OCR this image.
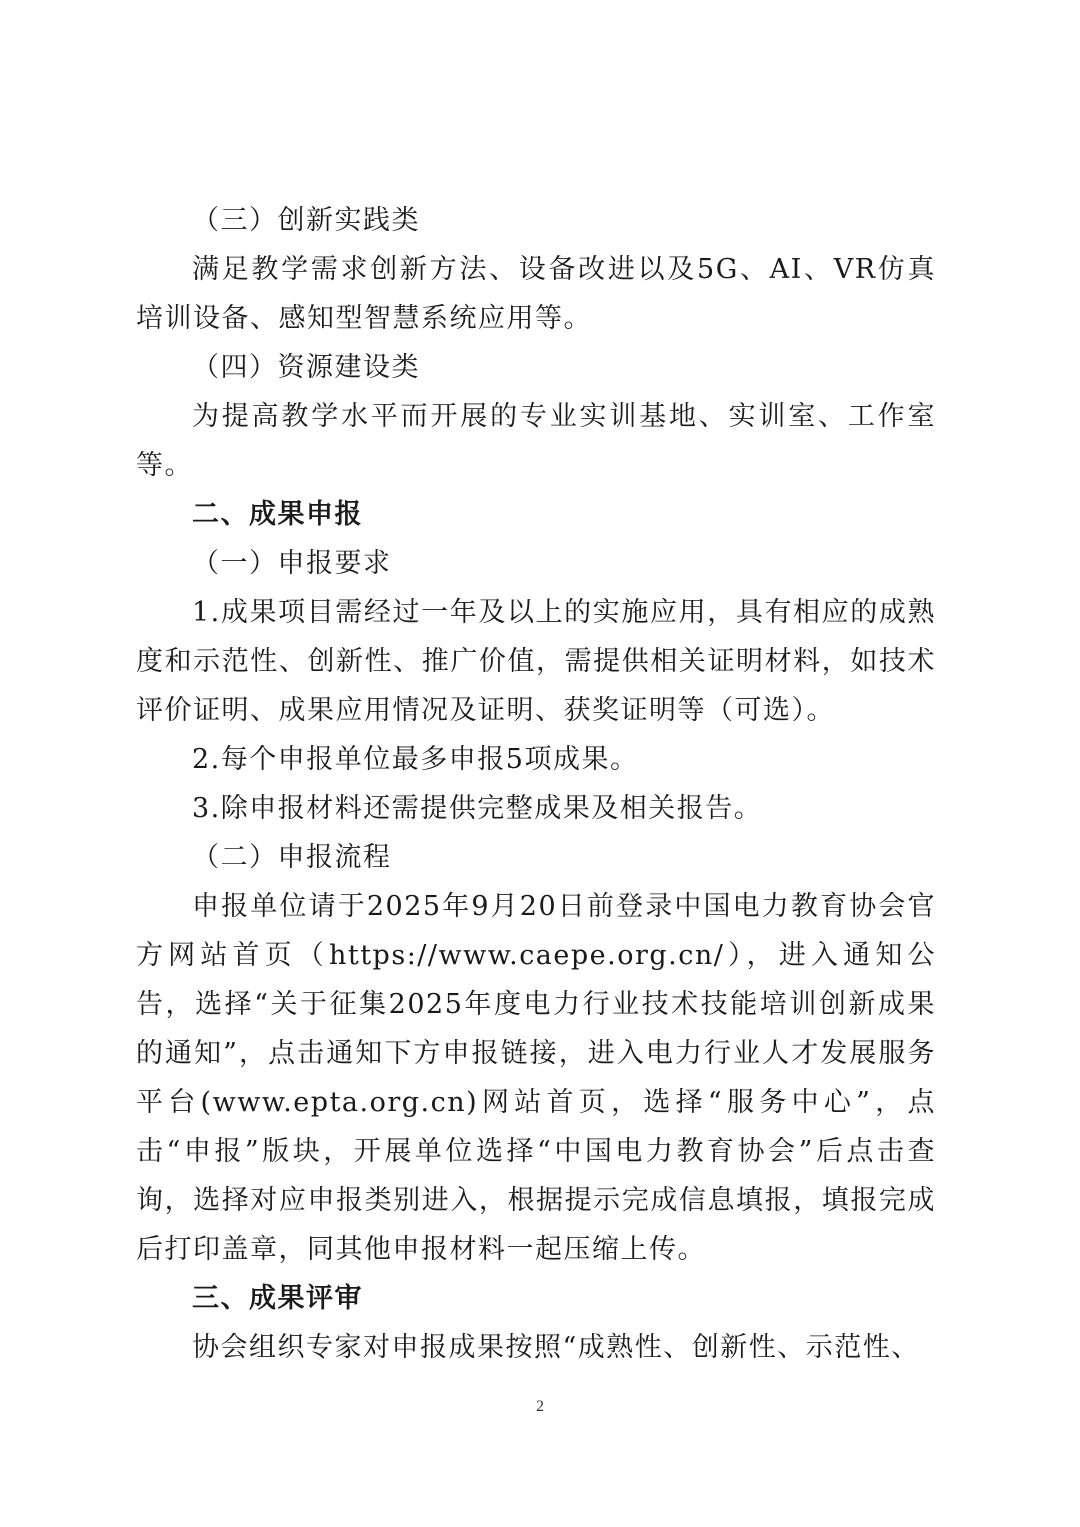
（三）创新实践类

满足教学需求创新方法、设备改进以及5G、AI、VR仿真培训设备、感知型智慧系统应用等。

（四）资源建设类

为提高教学水平而开展的专业实训基地、实训室、工作室等。

二、成果申报

（一）申报要求

1.成果项目需经过一年及以上的实施应用，具有相应的成熟度和示范性、创新性、推广价值，需提供相关证明材料，如技术评价证明、成果应用情况及证明、获奖证明等（可选）。

2.每个申报单位最多申报5项成果。

3.除申报材料还需提供完整成果及相关报告。

（二）申报流程

申报单位请于2025年9月20日前登录中国电力教育协会官方网站首页（https://www.caepe.org.cn/），进入通知公告，选择“关于征集2025年度电力行业技术技能培训创新成果的通知”，点击通知下方申报链接，进入电力行业人才发展服务平台(www.epta.org.cn)网站首页，选择“服务中心”，点击“申报”版块，开展单位选择“中国电力教育协会”后点击查询，选择对应申报类别进入，根据提示完成信息填报，填报完成后打印盖章，同其他申报材料一起压缩上传。

三、成果评审

协会组织专家对申报成果按照“成熟性、创新性、示范性、

2
